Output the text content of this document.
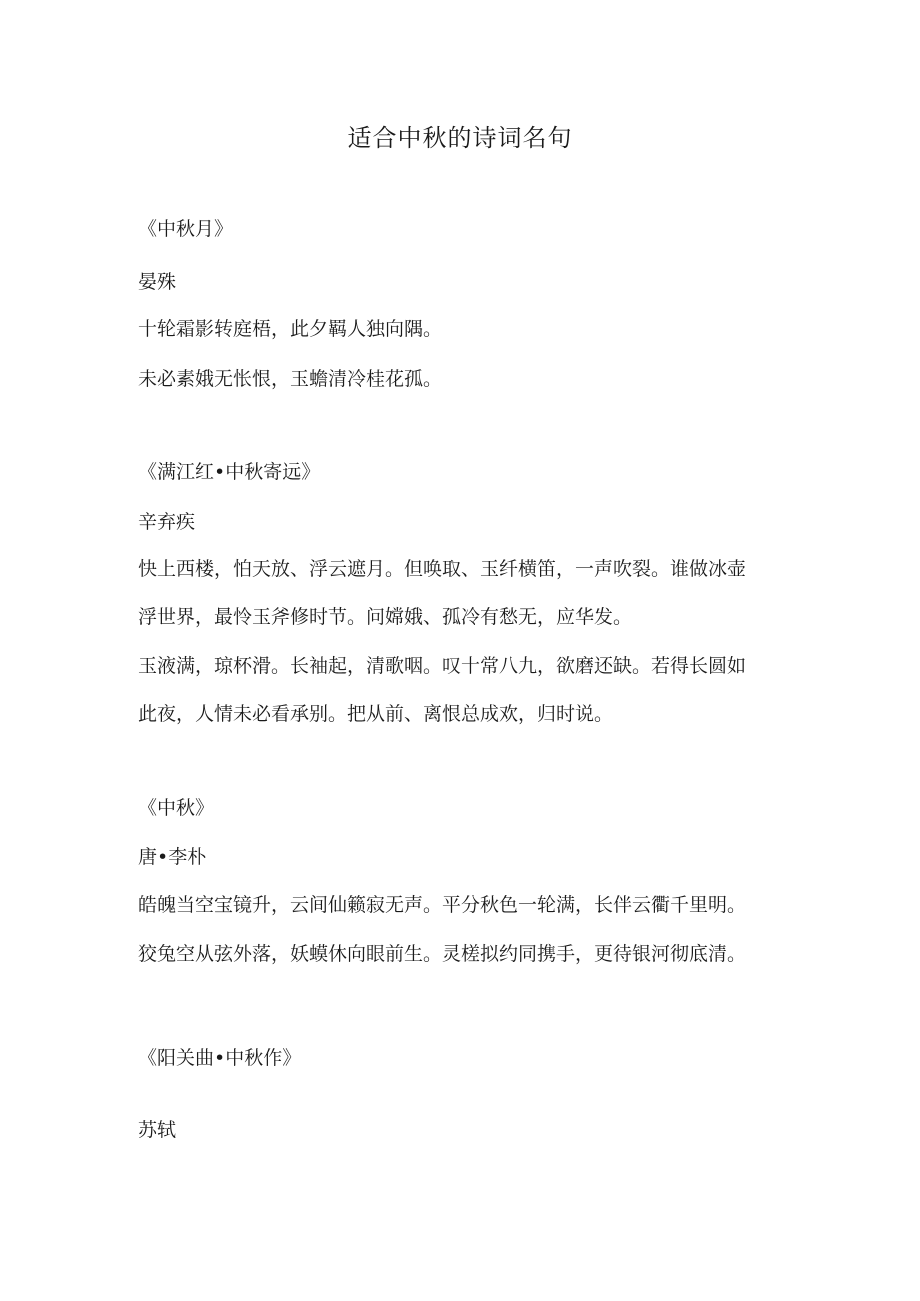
适合中秋的诗词名句
《中秋月》
晏殊
十轮霜影转庭梧，此夕羁人独向隅。
未必素娥无怅恨，玉蟾清冷桂花孤。
《满江红•中秋寄远》
辛弃疾
快上西楼，怕天放、浮云遮月。但唤取、玉纤横笛，一声吹裂。谁做冰壶
浮世界，最怜玉斧修时节。问嫦娥、孤冷有愁无，应华发。
玉液满，琼杯滑。长袖起，清歌咽。叹十常八九，欲磨还缺。若得长圆如
此夜，人情未必看承别。把从前、离恨总成欢，归时说。
《中秋》
唐•李朴
皓魄当空宝镜升，云间仙籁寂无声。平分秋色一轮满，长伴云衢千里明。
狡兔空从弦外落，妖蟆休向眼前生。灵槎拟约同携手，更待银河彻底清。
《阳关曲•中秋作》
苏轼
